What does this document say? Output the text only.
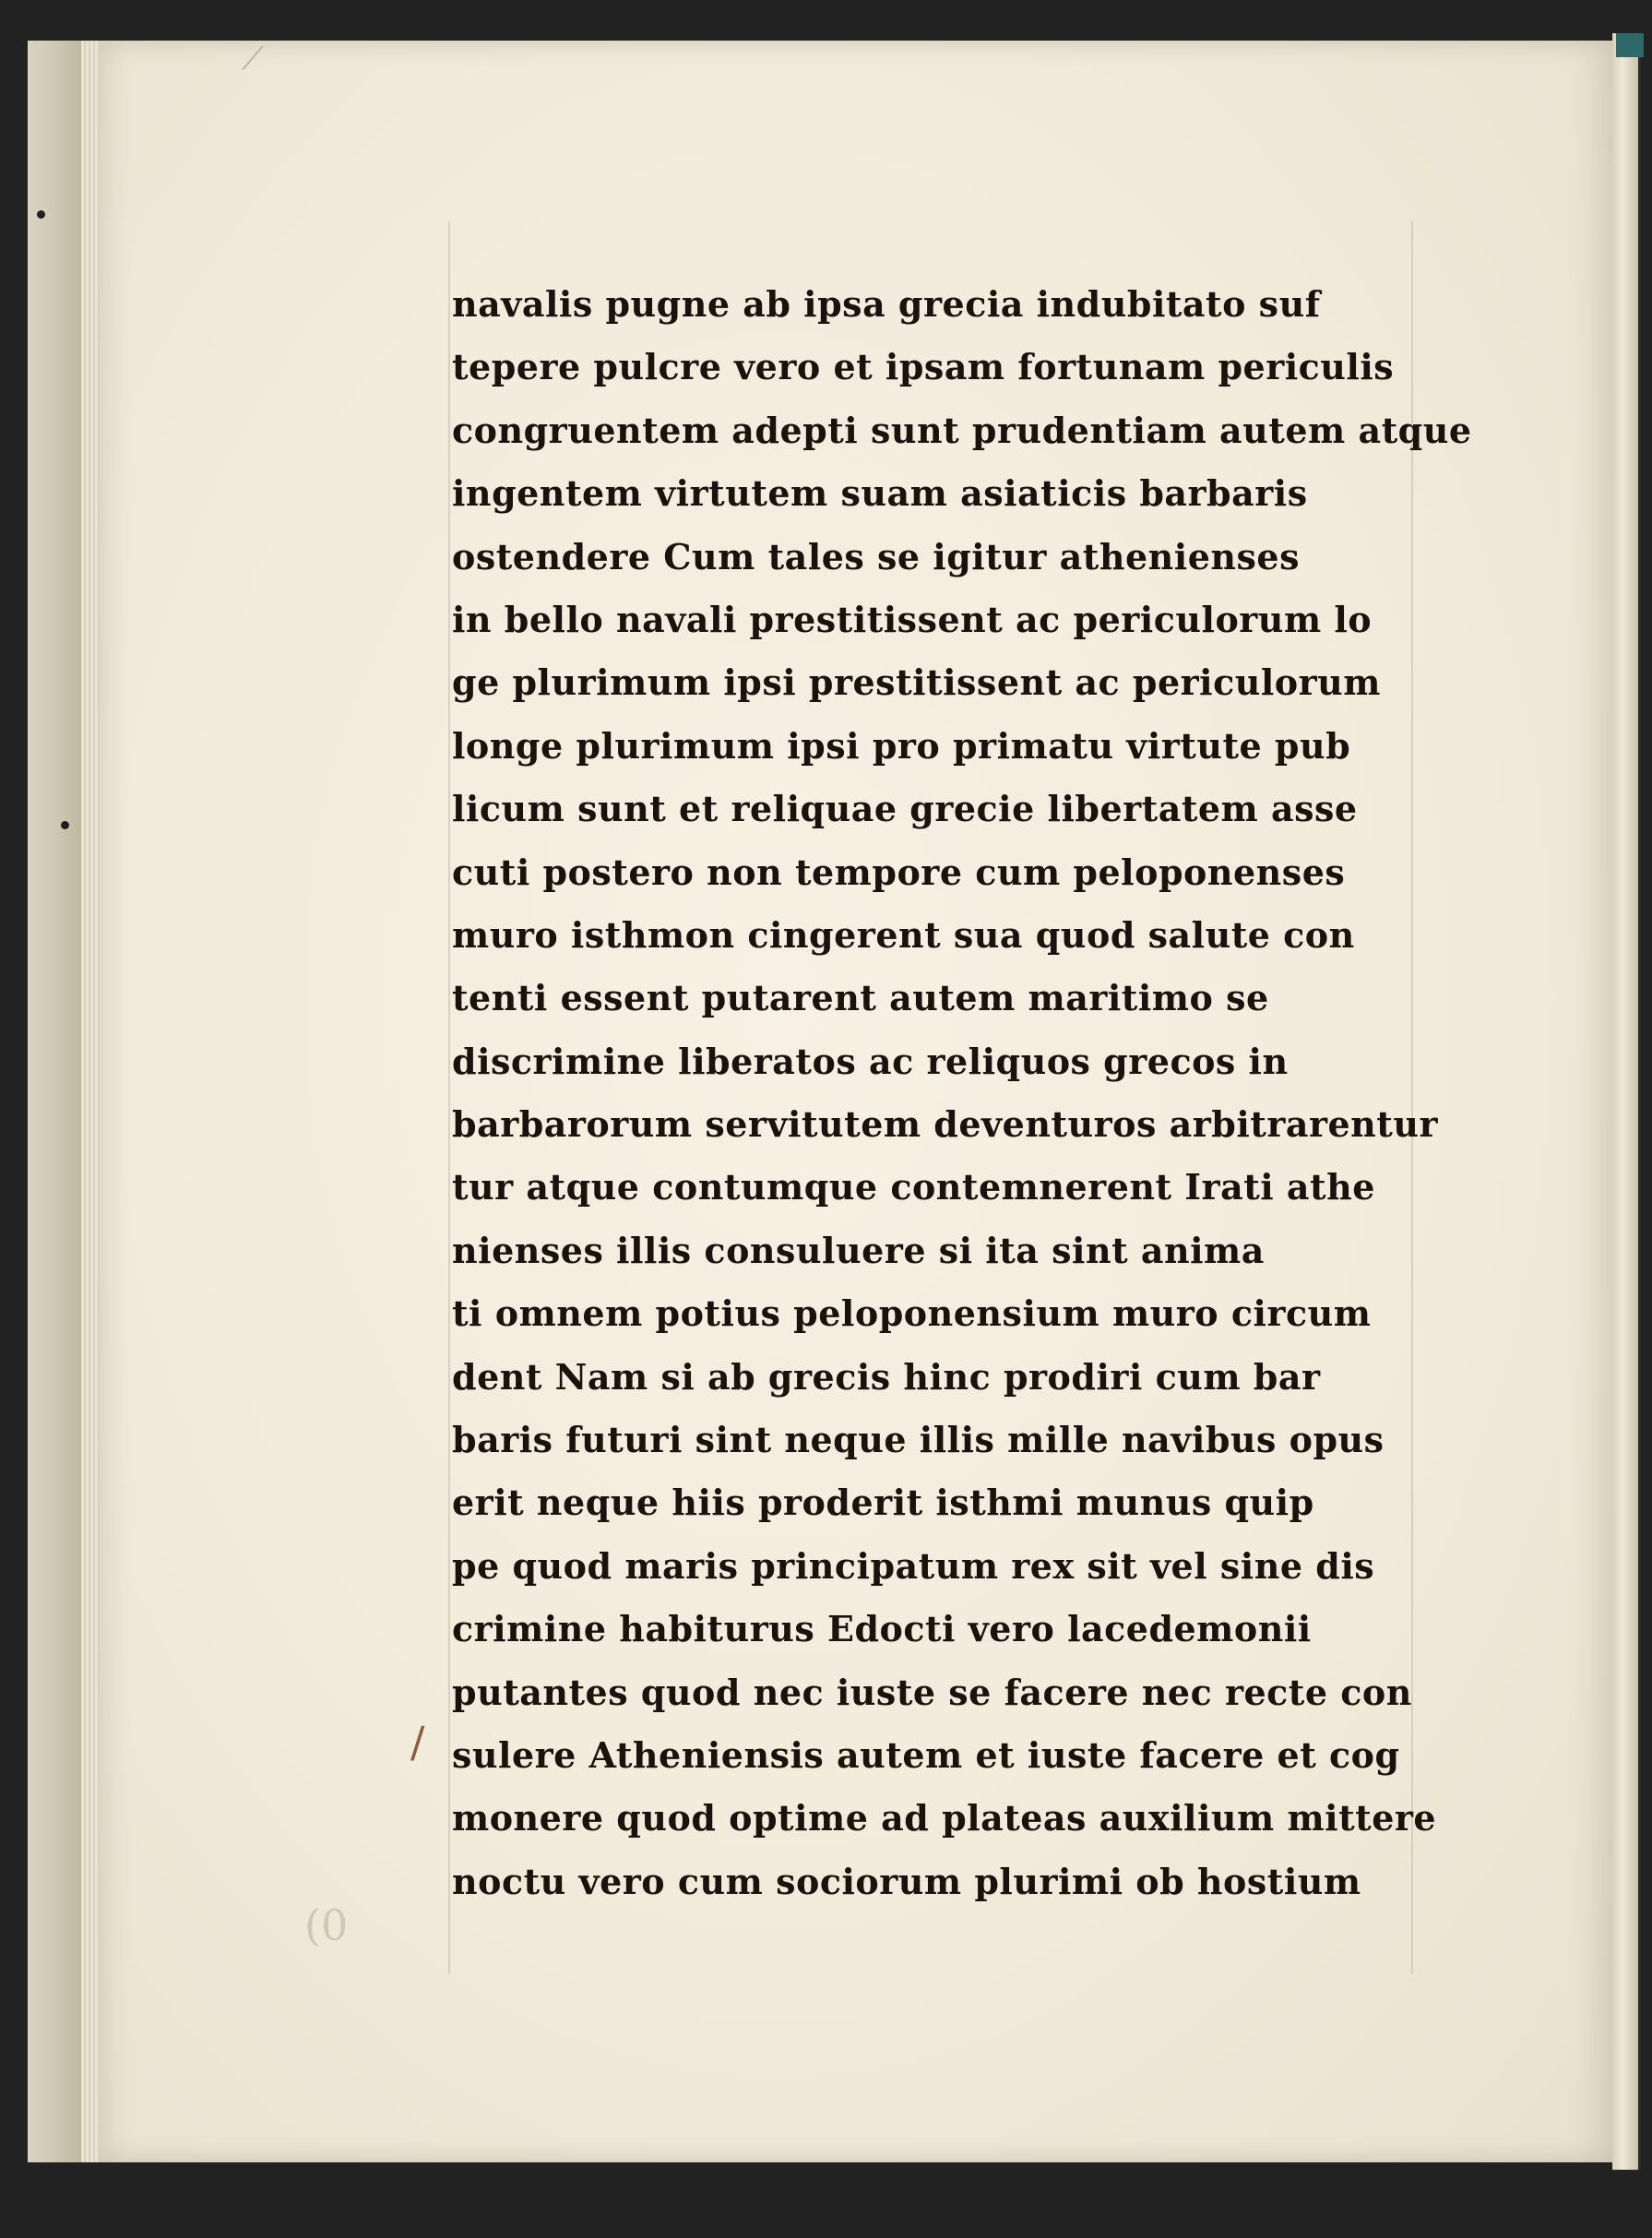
⟋
navalis pugne ab ipsa grecia indubitato suf
tepere pulcre vero et ipsam fortunam periculis
congruentem adepti sunt prudentiam autem atque
ingentem virtutem suam asiaticis barbaris
ostendere Cum tales se igitur athenienses
in bello navali prestitissent ac periculorum lo
ge plurimum ipsi prestitissent ac periculorum
longe plurimum ipsi pro primatu virtute pub
licum sunt et reliquae grecie libertatem asse
cuti postero non tempore cum peloponenses
muro isthmon cingerent sua quod salute con
tenti essent putarent autem maritimo se
discrimine liberatos ac reliquos grecos in
barbarorum servitutem deventuros arbitrarentur
tur atque contumque contemnerent Irati athe
nienses illis consuluere si ita sint anima
ti omnem potius peloponensium muro circum
dent Nam si ab grecis hinc prodiri cum bar
baris futuri sint neque illis mille navibus opus
erit neque hiis proderit isthmi munus quip
pe quod maris principatum rex sit vel sine dis
crimine habiturus Edocti vero lacedemonii
putantes quod nec iuste se facere nec recte con
sulere Atheniensis autem et iuste facere et cog
monere quod optime ad plateas auxilium mittere
noctu vero cum sociorum plurimi ob hostium
/
(0
